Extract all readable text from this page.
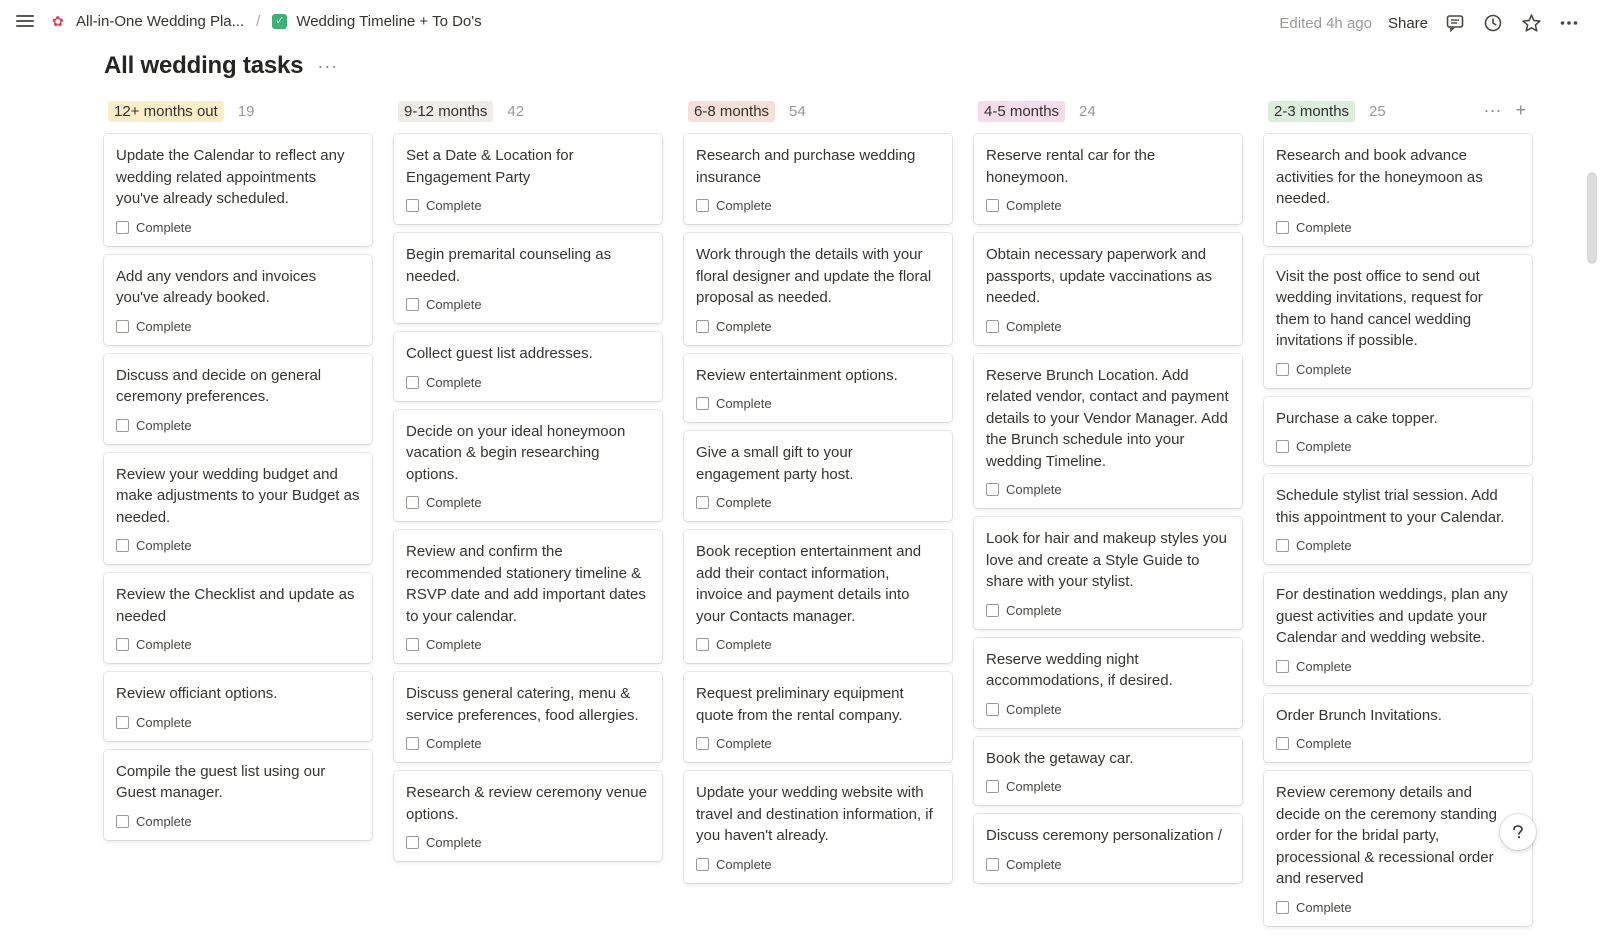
✿ All-in-One Wedding Pla... / ✓ Wedding Timeline + To Do's	Edited 4h ago Share
All wedding tasks ···
12+ months out	19
Update the Calendar to reflect any wedding related appointments you've already scheduled.
Complete
Add any vendors and invoices you've already booked.
Complete
Discuss and decide on general ceremony preferences.
Complete
Review your wedding budget and make adjustments to your Budget as needed.
Complete
Review the Checklist and update as needed
Complete
Review officiant options.
Complete
Compile the guest list using our Guest manager.
Complete
9-12 months	42
Set a Date & Location for Engagement Party
Complete
Begin premarital counseling as needed.
Complete
Collect guest list addresses.
Complete
Decide on your ideal honeymoon vacation & begin researching options.
Complete
Review and confirm the recommended stationery timeline & RSVP date and add important dates to your calendar.
Complete
Discuss general catering, menu & service preferences, food allergies.
Complete
Research & review ceremony venue options.
Complete
6-8 months	54
Research and purchase wedding insurance
Complete
Work through the details with your floral designer and update the floral proposal as needed.
Complete
Review entertainment options.
Complete
Give a small gift to your engagement party host.
Complete
Book reception entertainment and add their contact information, invoice and payment details into your Contacts manager.
Complete
Request preliminary equipment quote from the rental company.
Complete
Update your wedding website with travel and destination information, if you haven't already.
Complete
4-5 months	24
Reserve rental car for the honeymoon.
Complete
Obtain necessary paperwork and passports, update vaccinations as needed.
Complete
Reserve Brunch Location. Add related vendor, contact and payment details to your Vendor Manager. Add the Brunch schedule into your wedding Timeline.
Complete
Look for hair and makeup styles you love and create a Style Guide to share with your stylist.
Complete
Reserve wedding night accommodations, if desired.
Complete
Book the getaway car.
Complete
Discuss ceremony personalization /
Complete
2-3 months	25	··· +
Research and book advance activities for the honeymoon as needed.
Complete
Visit the post office to send out wedding invitations, request for them to hand cancel wedding invitations if possible.
Complete
Purchase a cake topper.
Complete
Schedule stylist trial session. Add this appointment to your Calendar.
Complete
For destination weddings, plan any guest activities and update your Calendar and wedding website.
Complete
Order Brunch Invitations.
Complete
Review ceremony details and decide on the ceremony standing order for the bridal party, processional & recessional order and reserved
Complete
